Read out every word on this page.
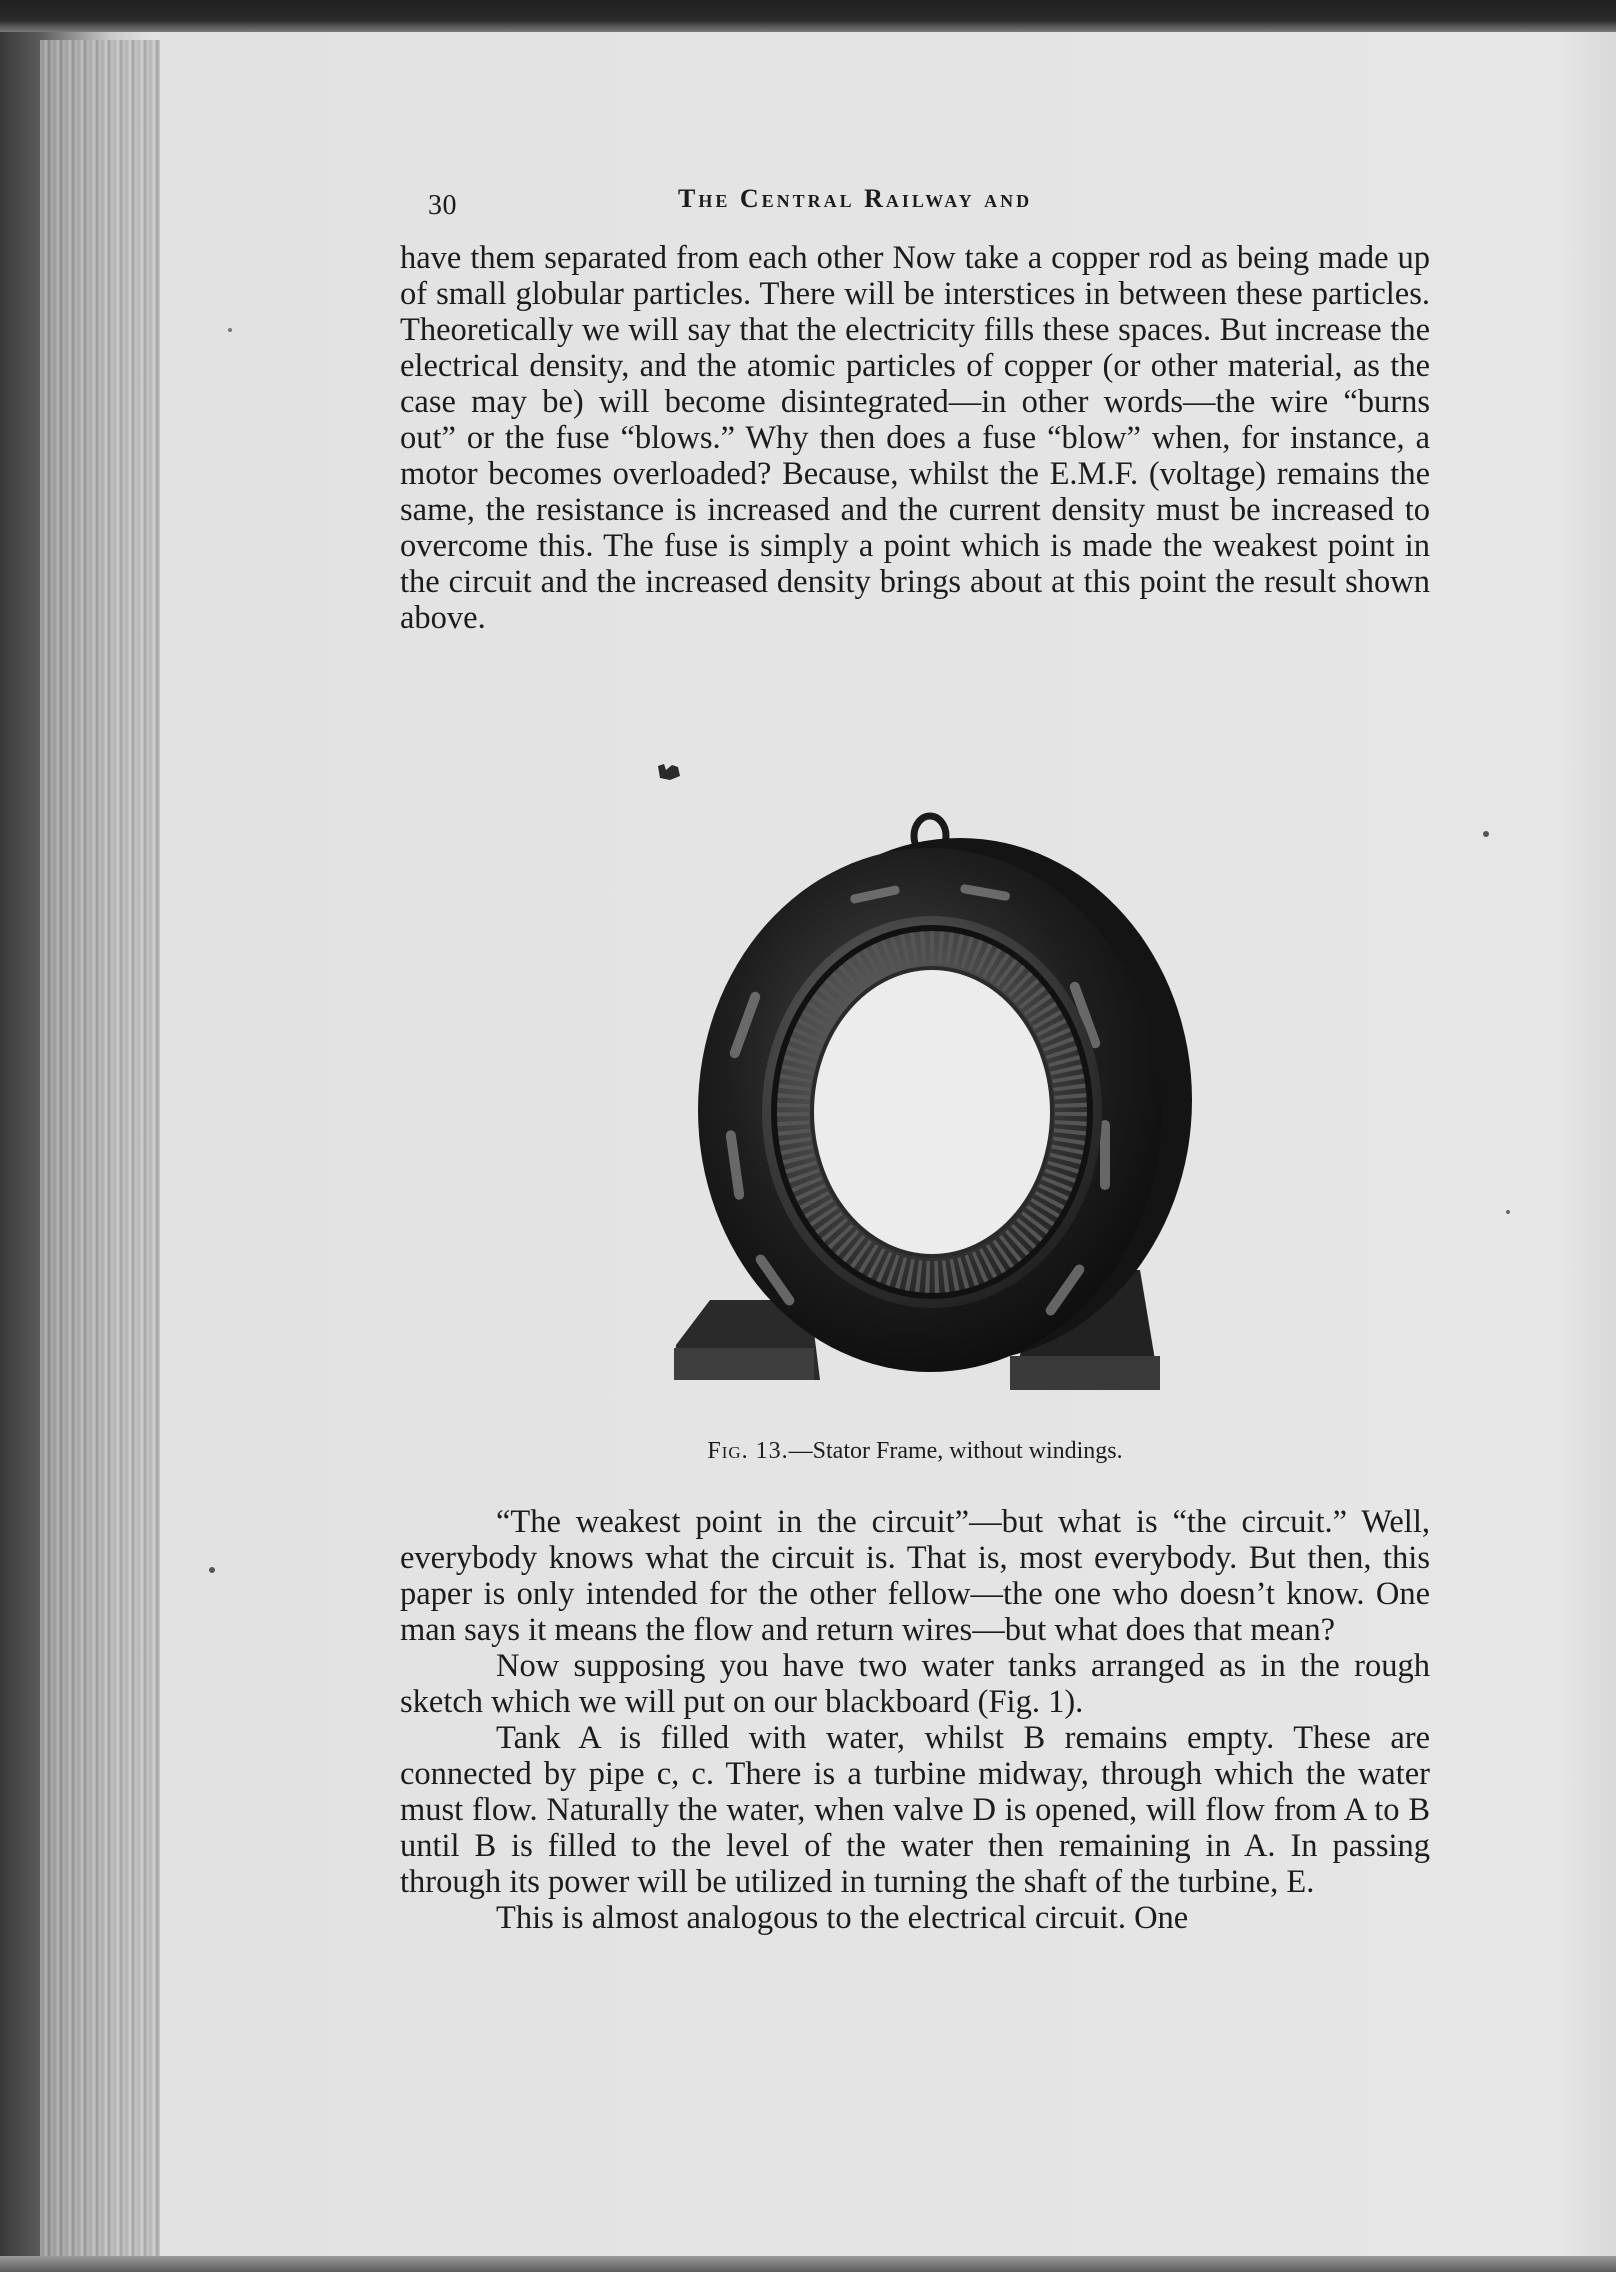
30	The Central Railway and

have them separated from each other Now take a copper rod as being made up of small globular particles. There will be interstices in between these particles. Theoretically we will say that the electricity fills these spaces. But increase the electrical density, and the atomic particles of copper (or other material, as the case may be) will become disintegrated—in other words—the wire “burns out” or the fuse “blows.” Why then does a fuse “blow” when, for instance, a motor becomes overloaded? Because, whilst the E.M.F. (voltage) remains the same, the resistance is increased and the current density must be increased to overcome this. The fuse is simply a point which is made the weakest point in the circuit and the increased density brings about at this point the result shown above.

Fig. 13.—Stator Frame, without windings.

“The weakest point in the circuit”—but what is “the circuit.” Well, everybody knows what the circuit is. That is, most everybody. But then, this paper is only intended for the other fellow—the one who doesn’t know. One man says it means the flow and return wires—but what does that mean?

Now supposing you have two water tanks arranged as in the rough sketch which we will put on our blackboard (Fig. 1).

Tank A is filled with water, whilst B remains empty. These are connected by pipe c, c. There is a turbine midway, through which the water must flow. Naturally the water, when valve D is opened, will flow from A to B until B is filled to the level of the water then remaining in A. In passing through its power will be utilized in turning the shaft of the turbine, E.

This is almost analogous to the electrical circuit. One
